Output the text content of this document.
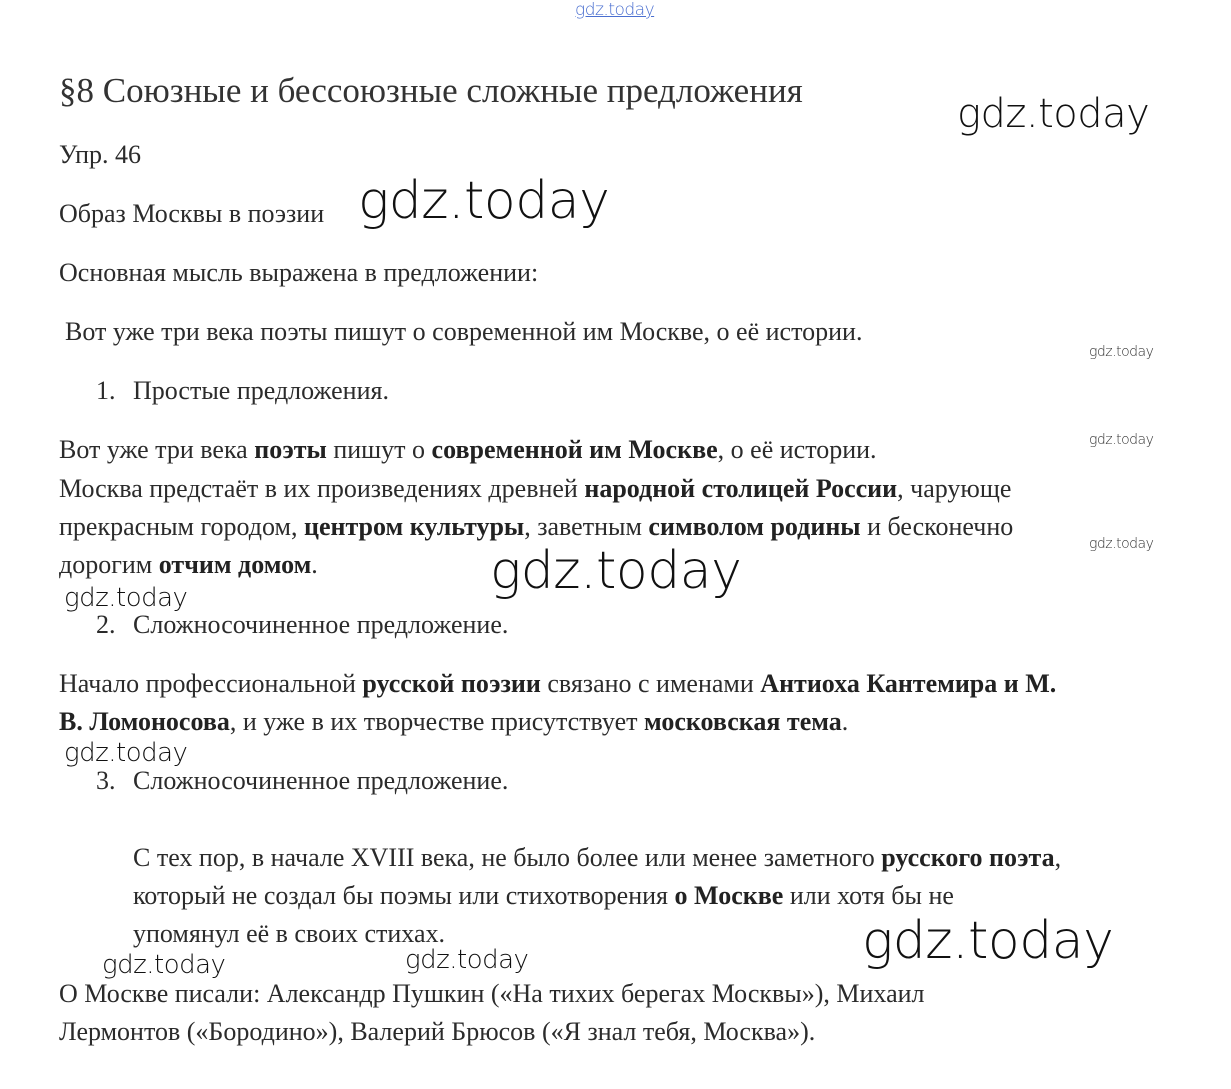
gdz.today
gdz.today
gdz.today
gdz.today
gdz.today
gdz.today
gdz.today
gdz.today
gdz.today
gdz.today
gdz.today	gdz.today
§8 Союзные и бессоюзные сложные предложения
Упр. 46
Образ Москвы в поэзии
Основная мысль выражена в предложении:
Вот уже три века поэты пишут о современной им Москве, о её истории.
1. Простые предложения.
Вот уже три века поэты пишут о современной им Москве, о её истории.
Москва предстаёт в их произведениях древней народной столицей России, чарующе
прекрасным городом, центром культуры, заветным символом родины и бесконечно
дорогим отчим домом.
2. Сложносочиненное предложение.
Начало профессиональной русской поэзии связано с именами Антиоха Кантемира и М.
В. Ломоносова, и уже в их творчестве присутствует московская тема.
3. Сложносочиненное предложение.
С тех пор, в начале XVIII века, не было более или менее заметного русского поэта,
который не создал бы поэмы или стихотворения о Москве или хотя бы не
упомянул её в своих стихах.
О Москве писали: Александр Пушкин («На тихих берегах Москвы»), Михаил
Лермонтов («Бородино»), Валерий Брюсов («Я знал тебя, Москва»).
